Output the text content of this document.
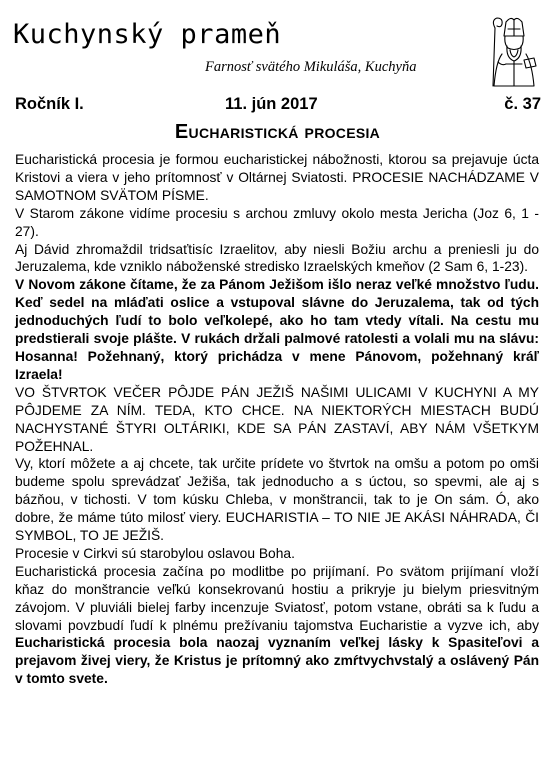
Kuchynský prameň
Farnosť svätého Mikuláša, Kuchyňa
Ročník I.	11. jún 2017	č. 37
Eucharistická procesia

Eucharistická procesia je formou eucharistickej nábožnosti, ktorou sa prejavuje úcta Kristovi a viera v jeho prítomnosť v Oltárnej Sviatosti. PROCESIE NACHÁDZAME V SAMOTNOM SVÄTOM PÍSME.

V Starom zákone vidíme procesiu s archou zmluvy okolo mesta Jericha (Joz 6, 1 - 27).

Aj Dávid zhromaždil tridsaťtisíc Izraelitov, aby niesli Božiu archu a preniesli ju do Jeruzalema, kde vzniklo náboženské stredisko Izraelských kmeňov (2 Sam 6, 1-23).

V Novom zákone čítame, že za Pánom Ježišom išlo neraz veľké množstvo ľudu. Keď sedel na mláďati oslice a vstupoval slávne do Jeruzalema, tak od tých jednoduchých ľudí to bolo veľkolepé, ako ho tam vtedy vítali. Na cestu mu predstierali svoje plášte. V rukách držali palmové ratolesti a volali mu na slávu: Hosanna! Požehnaný, ktorý prichádza v mene Pánovom, požehnaný kráľ Izraela!

VO ŠTVRTOK VEČER PÔJDE PÁN JEŽIŠ NAŠIMI ULICAMI V KUCHYNI A MY PÔJDEME ZA NÍM. TEDA, KTO CHCE. NA NIEKTORÝCH MIESTACH BUDÚ NACHYSTANÉ ŠTYRI OLTÁRIKI, KDE SA PÁN ZASTAVÍ, ABY NÁM VŠETKYM POŽEHNAL.

Vy, ktorí môžete a aj chcete, tak určite prídete vo štvrtok na omšu a potom po omši budeme spolu sprevádzať Ježiša, tak jednoducho a s úctou, so spevmi, ale aj s bázňou, v tichosti. V tom kúsku Chleba, v monštrancii, tak to je On sám. Ó, ako dobre, že máme túto milosť viery. EUCHARISTIA – TO NIE JE AKÁSI NÁHRADA, ČI SYMBOL, TO JE JEŽIŠ.

Procesie v Cirkvi sú starobylou oslavou Boha.

Eucharistická procesia začína po modlitbe po prijímaní. Po svätom prijímaní vloží kňaz do monštrancie veľkú konsekrovanú hostiu a prikryje ju bielym priesvitným závojom. V pluviáli bielej farby incenzuje Sviatosť, potom vstane, obráti sa k ľudu a slovami povzbudí ľudí k plnému prežívaniu tajomstva Eucharistie a vyzve ich, aby Eucharistická procesia bola naozaj vyznaním veľkej lásky k Spasiteľovi a prejavom živej viery, že Kristus je prítomný ako zmŕtvychvstalý a oslávený Pán v tomto svete.
